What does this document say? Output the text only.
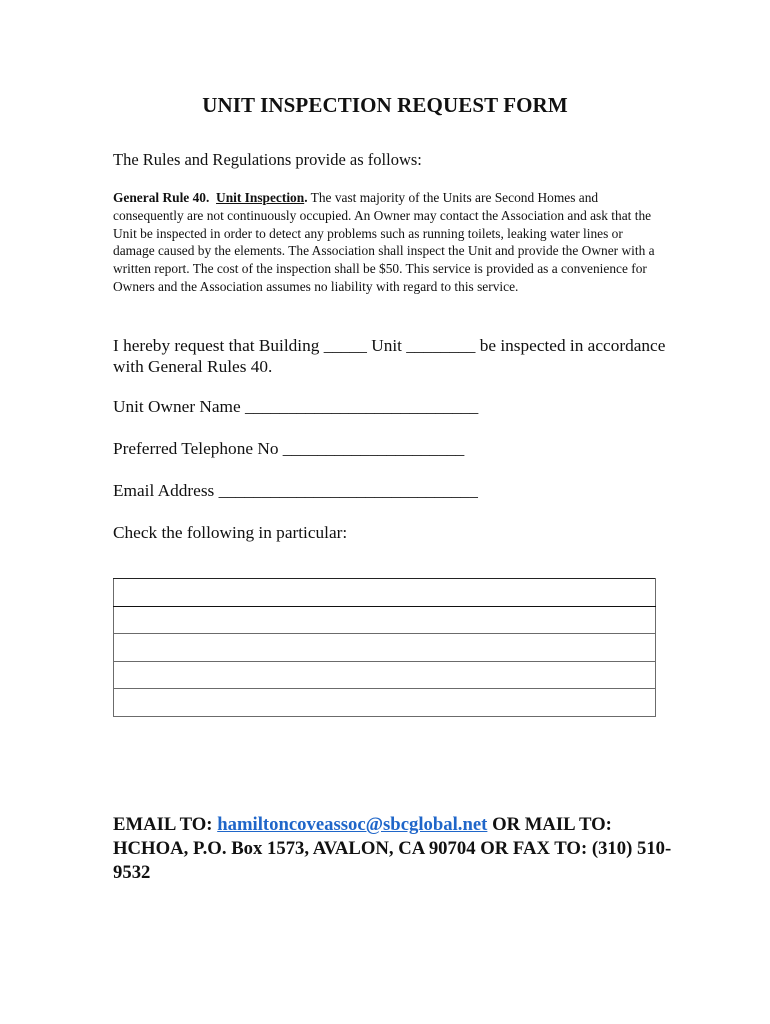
UNIT INSPECTION REQUEST FORM
The Rules and Regulations provide as follows:
General Rule 40. Unit Inspection. The vast majority of the Units are Second Homes and consequently are not continuously occupied. An Owner may contact the Association and ask that the Unit be inspected in order to detect any problems such as running toilets, leaking water lines or damage caused by the elements. The Association shall inspect the Unit and provide the Owner with a written report. The cost of the inspection shall be $50. This service is provided as a convenience for Owners and the Association assumes no liability with regard to this service.
I hereby request that Building _____ Unit ________ be inspected in accordance with General Rules 40.
Unit Owner Name ___________________________
Preferred Telephone No _____________________
Email Address ______________________________
Check the following in particular:

EMAIL TO: hamiltoncoveassoc@sbcglobal.net OR MAIL TO: HCHOA, P.O. Box 1573, AVALON, CA 90704 OR FAX TO: (310) 510-9532
